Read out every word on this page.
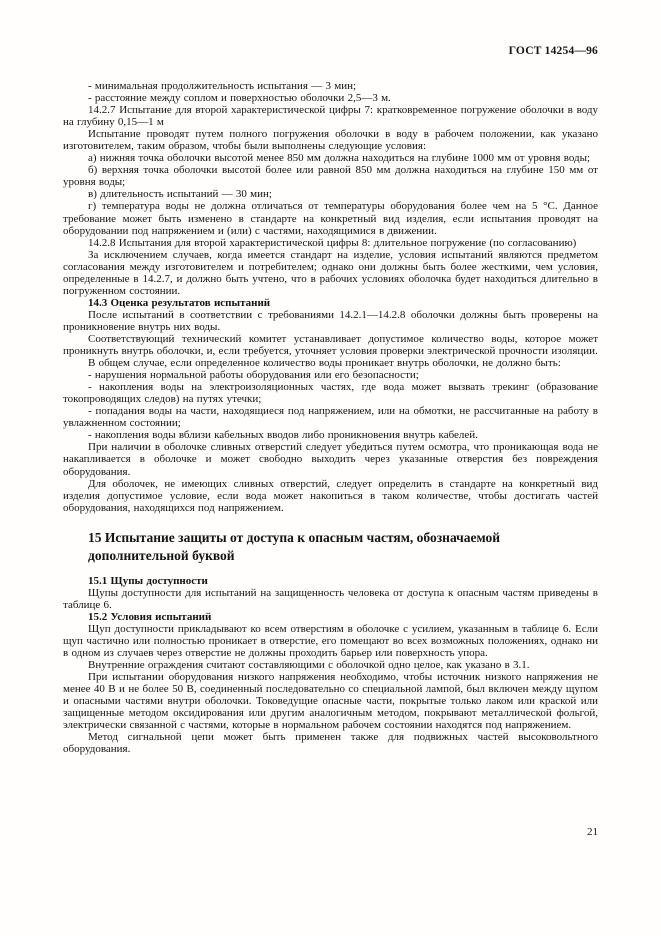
ГОСТ 14254—96
- минимальная продолжительность испытания — 3 мин;
- расстояние между соплом и поверхностью оболочки 2,5—3 м.
14.2.7 Испытание для второй характеристической цифры 7: кратковременное погружение оболочки в воду на глубину 0,15—1 м
Испытание проводят путем полного погружения оболочки в воду в рабочем положении, как указано изготовителем, таким образом, чтобы были выполнены следующие условия:
а) нижняя точка оболочки высотой менее 850 мм должна находиться на глубине 1000 мм от уровня воды;
б) верхняя точка оболочки высотой более или равной 850 мм должна находиться на глубине 150 мм от уровня воды;
в) длительность испытаний — 30 мин;
г) температура воды не должна отличаться от температуры оборудования более чем на 5 °С. Данное требование может быть изменено в стандарте на конкретный вид изделия, если испытания проводят на оборудовании под напряжением и (или) с частями, находящимися в движении.
14.2.8 Испытания для второй характеристической цифры 8: длительное погружение (по согласованию)
За исключением случаев, когда имеется стандарт на изделие, условия испытаний являются предметом согласования между изготовителем и потребителем; однако они должны быть более жесткими, чем условия, определенные в 14.2.7, и должно быть учтено, что в рабочих условиях оболочка будет находиться длительно в погруженном состоянии.
14.3 Оценка результатов испытаний
После испытаний в соответствии с требованиями 14.2.1—14.2.8 оболочки должны быть проверены на проникновение внутрь них воды.
Соответствующий технический комитет устанавливает допустимое количество воды, которое может проникнуть внутрь оболочки, и, если требуется, уточняет условия проверки электрической прочности изоляции.
В общем случае, если определенное количество воды проникает внутрь оболочки, не должно быть:
- нарушения нормальной работы оборудования или его безопасности;
- накопления воды на электроизоляционных частях, где вода может вызвать трекинг (образование токопроводящих следов) на путях утечки;
- попадания воды на части, находящиеся под напряжением, или на обмотки, не рассчитанные на работу в увлажненном состоянии;
- накопления воды вблизи кабельных вводов либо проникновения внутрь кабелей.
При наличии в оболочке сливных отверстий следует убедиться путем осмотра, что проникающая вода не накапливается в оболочке и может свободно выходить через указанные отверстия без повреждения оборудования.
Для оболочек, не имеющих сливных отверстий, следует определить в стандарте на конкретный вид изделия допустимое условие, если вода может накопиться в таком количестве, чтобы достигать частей оборудования, находящихся под напряжением.
15 Испытание защиты от доступа к опасным частям, обозначаемой дополнительной буквой
15.1 Щупы доступности
Щупы доступности для испытаний на защищенность человека от доступа к опасным частям приведены в таблице 6.
15.2 Условия испытаний
Щуп доступности прикладывают ко всем отверстиям в оболочке с усилием, указанным в таблице 6. Если щуп частично или полностью проникает в отверстие, его помещают во всех возможных положениях, однако ни в одном из случаев через отверстие не должны проходить барьер или поверхность упора.
Внутренние ограждения считают составляющими с оболочкой одно целое, как указано в 3.1.
При испытании оборудования низкого напряжения необходимо, чтобы источник низкого напряжения не менее 40 В и не более 50 В, соединенный последовательно со специальной лампой, был включен между щупом и опасными частями внутри оболочки. Токоведущие опасные части, покрытые только лаком или краской или защищенные методом оксидирования или другим аналогичным методом, покрывают металлической фольгой, электрически связанной с частями, которые в нормальном рабочем состоянии находятся под напряжением.
Метод сигнальной цепи может быть применен также для подвижных частей высоковольтного оборудования.
21
